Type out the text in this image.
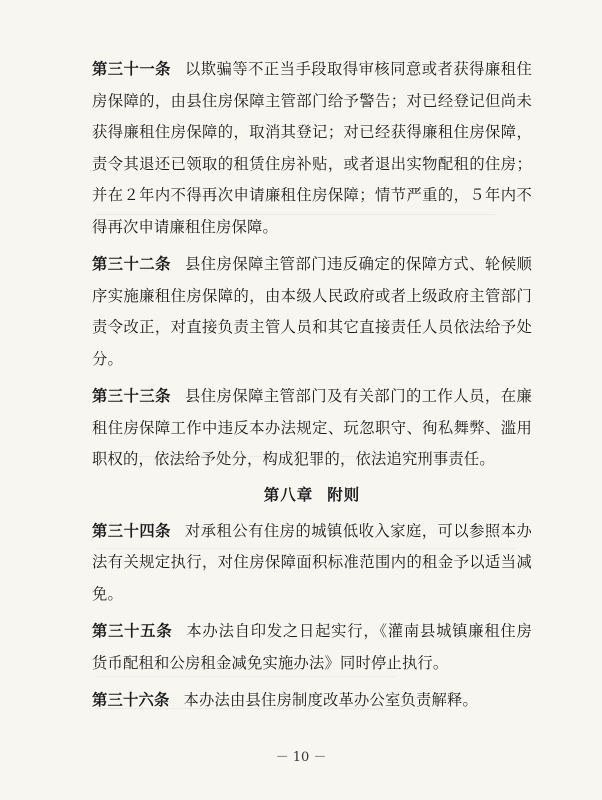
第三十一条 以欺骗等不正当手段取得审核同意或者获得廉租住房保障的，由县住房保障主管部门给予警告；对已经登记但尚未获得廉租住房保障的，取消其登记；对已经获得廉租住房保障，责令其退还已领取的租赁住房补贴，或者退出实物配租的住房；并在２年内不得再次申请廉租住房保障；情节严重的，５年内不得再次申请廉租住房保障。

第三十二条 县住房保障主管部门违反确定的保障方式、轮候顺序实施廉租住房保障的，由本级人民政府或者上级政府主管部门责令改正，对直接负责主管人员和其它直接责任人员依法给予处分。

第三十三条 县住房保障主管部门及有关部门的工作人员，在廉租住房保障工作中违反本办法规定、玩忽职守、徇私舞弊、滥用职权的，依法给予处分，构成犯罪的，依法追究刑事责任。

第八章 附则

第三十四条 对承租公有住房的城镇低收入家庭，可以参照本办法有关规定执行，对住房保障面积标准范围内的租金予以适当减免。

第三十五条 本办法自印发之日起实行，《灌南县城镇廉租住房货币配租和公房租金减免实施办法》同时停止执行。

第三十六条 本办法由县住房制度改革办公室负责解释。

－ 10 －
